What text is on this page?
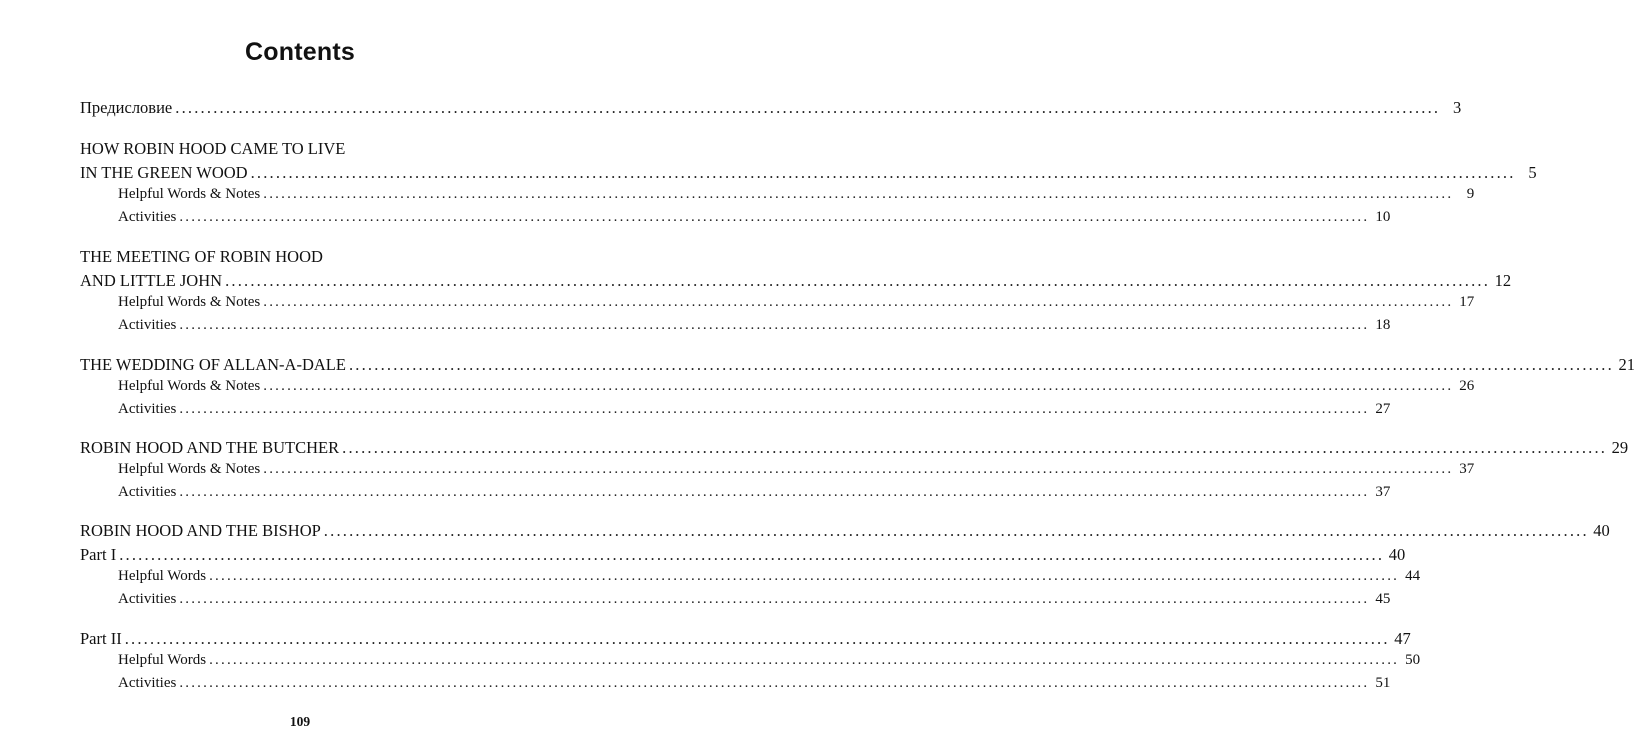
Contents
Предисловие ........................................................................................................................................................................................................ 3
HOW ROBIN HOOD CAME TO LIVE
IN THE GREEN WOOD ........................................................................................................................................................................................................ 5
Helpful Words & Notes ........................................................................................................................................................................................................ 9
Activities ........................................................................................................................................................................................................ 10
THE MEETING OF ROBIN HOOD
AND LITTLE JOHN ........................................................................................................................................................................................................ 12
Helpful Words & Notes ........................................................................................................................................................................................................ 17
Activities ........................................................................................................................................................................................................ 18
THE WEDDING OF ALLAN-A-DALE ........................................................................................................................................................................................................ 21
Helpful Words & Notes ........................................................................................................................................................................................................ 26
Activities ........................................................................................................................................................................................................ 27
ROBIN HOOD AND THE BUTCHER ........................................................................................................................................................................................................ 29
Helpful Words & Notes ........................................................................................................................................................................................................ 37
Activities ........................................................................................................................................................................................................ 37
ROBIN HOOD AND THE BISHOP ........................................................................................................................................................................................................ 40
Part I ........................................................................................................................................................................................................ 40
Helpful Words ........................................................................................................................................................................................................ 44
Activities ........................................................................................................................................................................................................ 45
Part II ........................................................................................................................................................................................................ 47
Helpful Words ........................................................................................................................................................................................................ 50
Activities ........................................................................................................................................................................................................ 51
109
